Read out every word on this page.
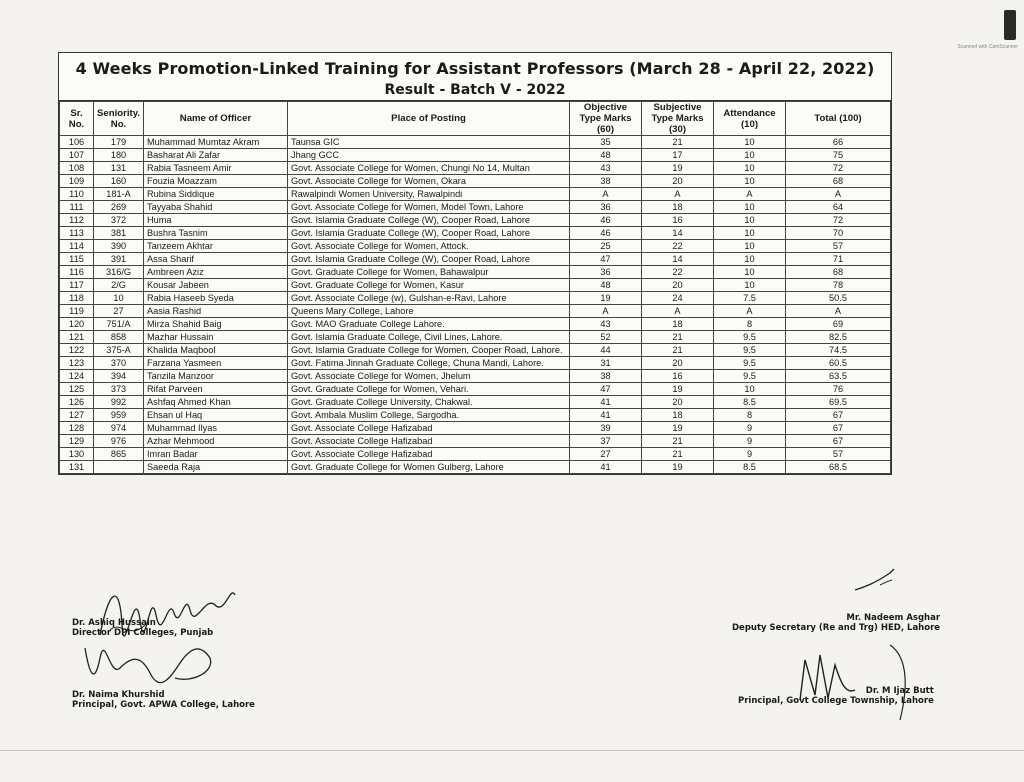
Scanned with CamScanner
4 Weeks Promotion-Linked Training for Assistant Professors (March 28 - April 22, 2022)
Result - Batch V - 2022
Sr. No.	Seniority. No.	Name of Officer	Place of Posting	Objective Type Marks (60)	Subjective Type Marks (30)	Attendance (10)	Total (100)
106	179	Muhammad Mumtaz Akram	Taunsa GIC	35	21	10	66
107	180	Basharat Ali Zafar	Jhang GCC	48	17	10	75
108	131	Rabia Tasneem Amir	Govt. Associate College for Women, Chungi No 14, Multan	43	19	10	72
109	160	Fouzia Moazzam	Govt. Associate College for Women, Okara	38	20	10	68
110	181-A	Rubina Siddique	Rawalpindi Women University, Rawalpindi	A	A	A	A
111	269	Tayyaba Shahid	Govt. Associate College for Women, Model Town, Lahore	36	18	10	64
112	372	Huma	Govt. Islamia Graduate College (W), Cooper Road, Lahore	46	16	10	72
113	381	Bushra Tasnim	Govt. Islamia Graduate College (W), Cooper Road, Lahore	46	14	10	70
114	390	Tanzeem Akhtar	Govt. Associate College for Women, Attock.	25	22	10	57
115	391	Assa Sharif	Govt. Islamia Graduate College (W), Cooper Road, Lahore	47	14	10	71
116	316/G	Ambreen Aziz	Govt. Graduate College for Women, Bahawalpur	36	22	10	68
117	2/G	Kousar Jabeen	Govt. Graduate College for Women, Kasur	48	20	10	78
118	10	Rabia Haseeb Syeda	Govt. Associate College (w), Gulshan-e-Ravi, Lahore	19	24	7.5	50.5
119	27	Aasia Rashid	Queens Mary College, Lahore	A	A	A	A
120	751/A	Mirza Shahid Baig	Govt. MAO Graduate College Lahore.	43	18	8	69
121	858	Mazhar Hussain	Govt. Islamia Graduate College, Civil Lines, Lahore.	52	21	9.5	82.5
122	375-A	Khalida Maqbool	Govt. Islamia Graduate College for Women, Cooper Road, Lahore.	44	21	9.5	74.5
123	370	Farzana Yasmeen	Govt. Fatima Jinnah Graduate College, Chuna Mandi, Lahore.	31	20	9.5	60.5
124	394	Tanzila Manzoor	Govt. Associate College for Women, Jhelum	38	16	9.5	63.5
125	373	Rifat Parveen	Govt. Graduate College for Women, Vehari.	47	19	10	76
126	992	Ashfaq Ahmed Khan	Govt. Graduate College University, Chakwal.	41	20	8.5	69.5
127	959	Ehsan ul Haq	Govt. Ambala Muslim College, Sargodha.	41	18	8	67
128	974	Muhammad Ilyas	Govt. Associate College Hafizabad	39	19	9	67
129	976	Azhar Mehmood	Govt. Associate College Hafizabad	37	21	9	67
130	865	Imran Badar	Govt. Associate College Hafizabad	27	21	9	57
131		Saeeda Raja	Govt. Graduate College for Women Gulberg, Lahore	41	19	8.5	68.5
Dr. Ashiq Hussain
Director DPI Colleges, Punjab
Dr. Naima Khurshid
Principal, Govt. APWA College, Lahore
Mr. Nadeem Asghar
Deputy Secretary (Re and Trg) HED, Lahore
Dr. M Ijaz Butt
Principal, Govt College Township, Lahore
